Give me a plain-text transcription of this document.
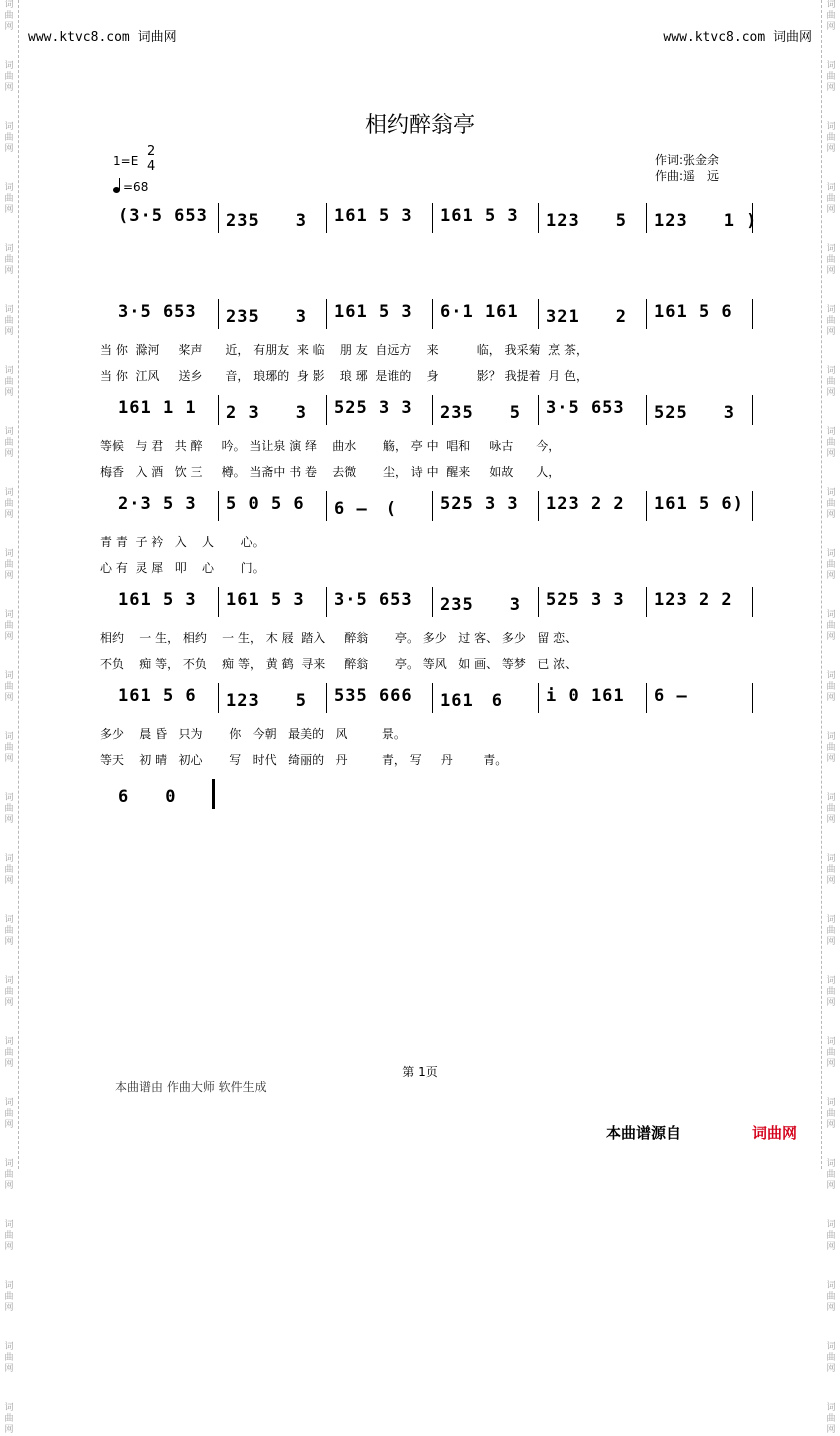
词
曲
网
词
曲
网
词
曲
网
词
曲
网
词
曲
网
词
曲
网
词
曲
网
词
曲
网
词
曲
网
词
曲
网
词
曲
网
词
曲
网
词
曲
网
词
曲
网
词
曲
网
词
曲
网
词
曲
网
词
曲
网
词
曲
网
词
曲
网
词
曲
网
词
曲
网
词
曲
网
词
曲
网
词
曲
网
词
曲
网
词
曲
网
词
曲
网
词
曲
网
词
曲
网
词
曲
网
词
曲
网
词
曲
网
词
曲
网
词
曲
网
词
曲
网
词
曲
网
词
曲
网
词
曲
网
词
曲
网
词
曲
网
词
曲
网
词
曲
网
词
曲
网
词
曲
网
词
曲
网
词
曲
网
词
曲
网
www.ktvc8.com 词曲网	www.ktvc8.com 词曲网
相约醉翁亭
1=E
2
4
=68
作词:张金余
作曲:遥　远
(3·5 653 235　　3 161 5 3 161 5 3 123　　5 123　　1 )
3·5 653 235　　3 161 5 3 6·1 161 321　　2 161 5 6
161 1 1 2 3　　3 525 3 3 235　　5 3·5 653 525　　3
2·3 5 3 5 0 5 6 6 –　(	525 3 3 123 2 2 161 5 6)
161 5 3 161 5 3 3·5 653 235　　3 525 3 3 123 2 2
161 5 6 123　　5 535 666 161　6	i 0 161 6 –
6　　0
当 你  滁河     桨声      近， 有朋友  来 临    朋 友  自远方    来          临， 我采菊  烹 茶，
当 你  江风     送乡      音， 琅琊的  身 影    琅 琊  是谁的    身          影？ 我提着  月 色，
等候   与 君   共 醉     吟。 当让泉 演 绎    曲水       觞， 亭 中  唱和     咏古      今，
梅香   入 酒   饮 三     樽。 当斋中 书 卷    去微       尘， 诗 中  醒来     如故      人，
青 青  子 衿   入    人       心。
心 有  灵 犀   叩    心       门。
相约    一 生， 相约    一 生， 木 屐  踏入     醉翁       亭。 多少   过 客、 多少   留 恋、
不负    痴 等， 不负    痴 等， 黄 鹤  寻来     醉翁       亭。 等风   如 画、 等梦   已 浓、
多少    晨 昏   只为       你   今朝   最美的   风         景。
等天    初 晴   初心       写   时代   绮丽的   丹         青， 写     丹        青。
第 1页
本曲谱由 作曲大师 软件生成
本曲谱源自	词曲网
